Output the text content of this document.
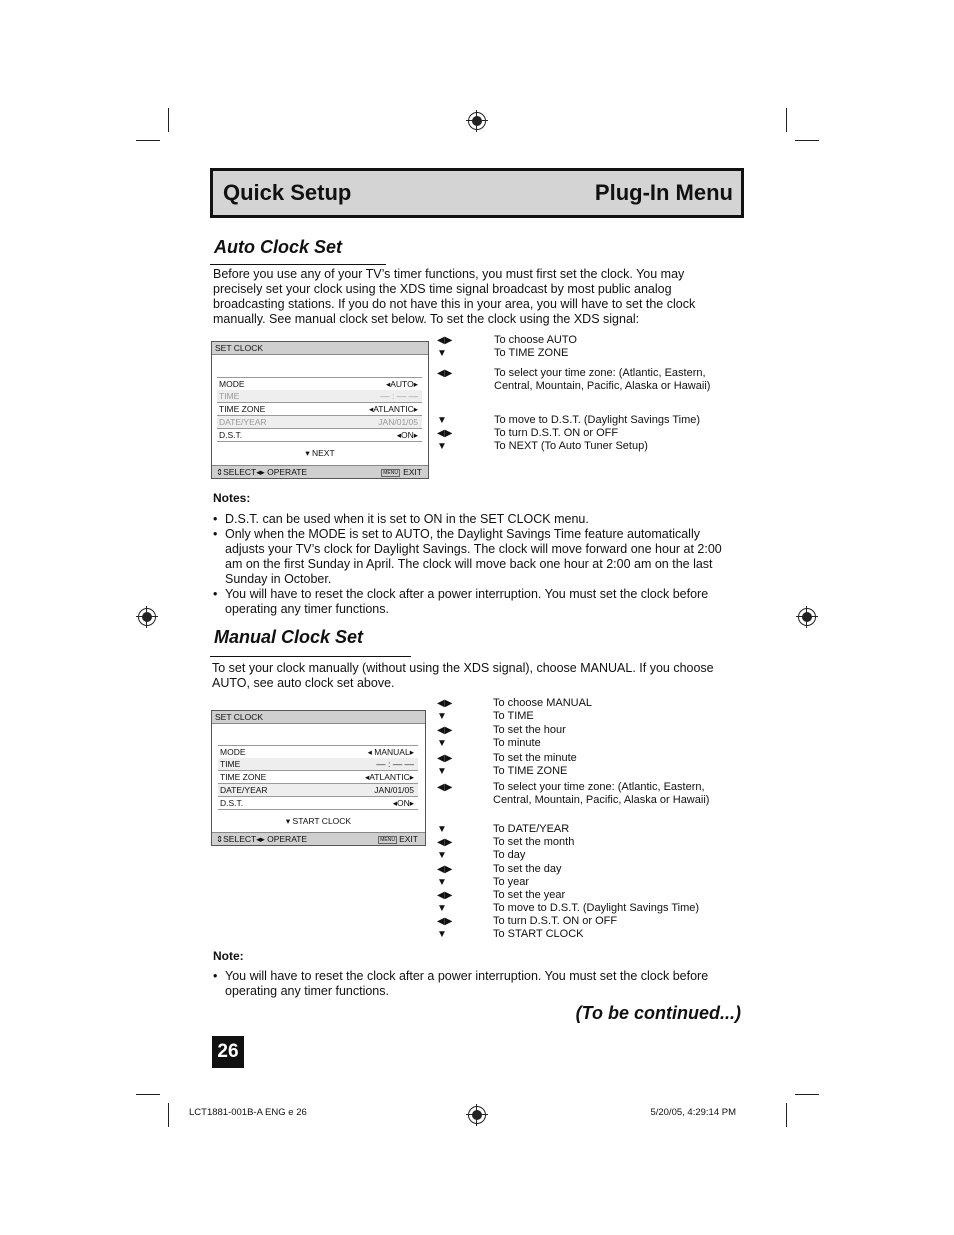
Quick Setup	Plug-In Menu
Auto Clock Set
Before you use any of your TV’s timer functions, you must first set the clock. You may precisely set your clock using the XDS time signal broadcast by most public analog broadcasting stations. If you do not have this in your area, you will have to set the clock manually. See manual clock set below. To set the clock using the XDS signal:
SET CLOCK
MODE	◂AUTO▸
TIME	–– : –– ––
TIME ZONE	◂ATLANTIC▸
DATE/YEAR	JAN/01/05
D.S.T.	◂ON▸
▾ NEXT
⇕SELECT◂▸ OPERATE	MENU EXIT
◀▶	To choose AUTO
▼	To TIME ZONE
◀▶	To select your time zone: (Atlantic, Eastern, Central, Mountain, Pacific, Alaska or Hawaii)
▼	To move to D.S.T. (Daylight Savings Time)
◀▶	To turn D.S.T. ON or OFF
▼	To NEXT (To Auto Tuner Setup)
Notes:
• D.S.T. can be used when it is set to ON in the SET CLOCK menu.
• Only when the MODE is set to AUTO, the Daylight Savings Time feature automatically adjusts your TV’s clock for Daylight Savings. The clock will move forward one hour at 2:00 am on the first Sunday in April. The clock will move back one hour at 2:00 am on the last Sunday in October.
• You will have to reset the clock after a power interruption. You must set the clock before operating any timer functions.
Manual Clock Set
To set your clock manually (without using the XDS signal), choose MANUAL. If you choose AUTO, see auto clock set above.
SET CLOCK
MODE	◂ MANUAL▸
TIME	–– : –– ––
TIME ZONE	◂ATLANTIC▸
DATE/YEAR	JAN/01/05
D.S.T.	◂ON▸
▾ START CLOCK
⇕SELECT◂▸ OPERATE	MENU EXIT
◀▶	To choose MANUAL
▼	To TIME
◀▶	To set the hour
▼	To minute
◀▶	To set the minute
▼	To TIME ZONE
◀▶	To select your time zone: (Atlantic, Eastern, Central, Mountain, Pacific, Alaska or Hawaii)
▼	To DATE/YEAR
◀▶	To set the month
▼	To day
◀▶	To set the day
▼	To year
◀▶	To set the year
▼	To move to D.S.T. (Daylight Savings Time)
◀▶	To turn D.S.T. ON or OFF
▼	To START CLOCK
Note:
• You will have to reset the clock after a power interruption. You must set the clock before operating any timer functions.
(To be continued...)
26
LCT1881-001B-A ENG e 26	5/20/05, 4:29:14 PM
